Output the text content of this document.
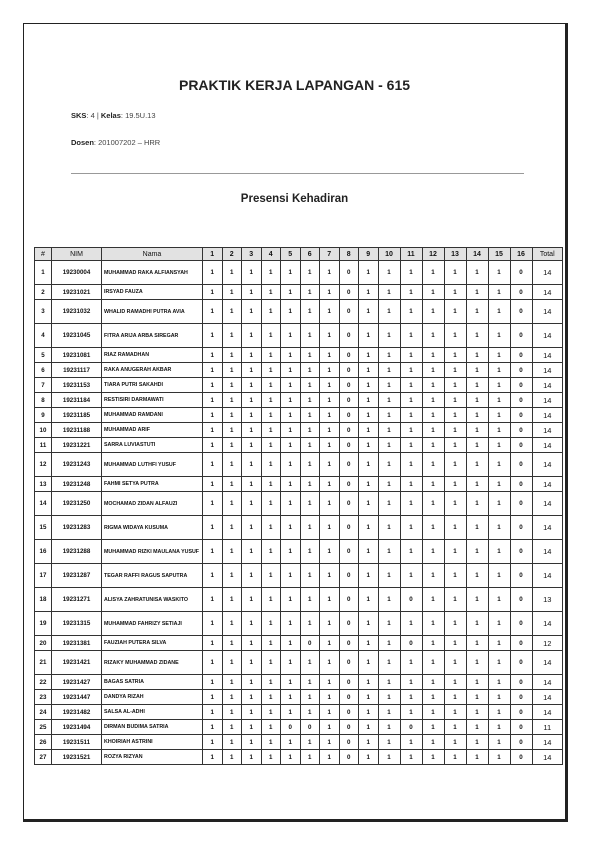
PRAKTIK KERJA LAPANGAN - 615
SKS: 4 | Kelas: 19.5U.13
Dosen: 201007202 – HRR
Presensi Kehadiran
#	NIM	Nama	1	2	3	4	5	6	7	8	9	10	11	12	13	14	15	16	Total
1	19230004	MUHAMMAD RAKA ALFIANSYAH	1	1	1	1	1	1	1	0	1	1	1	1	1	1	1	0	14
2	19231021	IRSYAD FAUZA	1	1	1	1	1	1	1	0	1	1	1	1	1	1	1	0	14
3	19231032	WHALID RAMADHI PUTRA AVIA	1	1	1	1	1	1	1	0	1	1	1	1	1	1	1	0	14
4	19231045	FITRA ARIJA ARBA SIREGAR	1	1	1	1	1	1	1	0	1	1	1	1	1	1	1	0	14
5	19231081	RIAZ RAMADHAN	1	1	1	1	1	1	1	0	1	1	1	1	1	1	1	0	14
6	19231117	RAKA ANUGERAH AKBAR	1	1	1	1	1	1	1	0	1	1	1	1	1	1	1	0	14
7	19231153	TIARA PUTRI SAKAHDI	1	1	1	1	1	1	1	0	1	1	1	1	1	1	1	0	14
8	19231184	RESTISIRI DARMAWATI	1	1	1	1	1	1	1	0	1	1	1	1	1	1	1	0	14
9	19231185	MUHAMMAD RAMDANI	1	1	1	1	1	1	1	0	1	1	1	1	1	1	1	0	14
10	19231188	MUHAMMAD ARIF	1	1	1	1	1	1	1	0	1	1	1	1	1	1	1	0	14
11	19231221	SARRA LUVIASTUTI	1	1	1	1	1	1	1	0	1	1	1	1	1	1	1	0	14
12	19231243	MUHAMMAD LUTHFI YUSUF	1	1	1	1	1	1	1	0	1	1	1	1	1	1	1	0	14
13	19231248	FAHMI SETYA PUTRA	1	1	1	1	1	1	1	0	1	1	1	1	1	1	1	0	14
14	19231250	MOCHAMAD ZIDAN ALFAUZI	1	1	1	1	1	1	1	0	1	1	1	1	1	1	1	0	14
15	19231283	RIGMA WIDAYA KUSUMA	1	1	1	1	1	1	1	0	1	1	1	1	1	1	1	0	14
16	19231288	MUHAMMAD RIZKI MAULANA YUSUF	1	1	1	1	1	1	1	0	1	1	1	1	1	1	1	0	14
17	19231287	TEGAR RAFFI RAGUS SAPUTRA	1	1	1	1	1	1	1	0	1	1	1	1	1	1	1	0	14
18	19231271	ALISYA ZAHRATUNISA WASKITO	1	1	1	1	1	1	1	0	1	1	0	1	1	1	1	0	13
19	19231315	MUHAMMAD FAHRIZY SETIAJI	1	1	1	1	1	1	1	0	1	1	1	1	1	1	1	0	14
20	19231381	FAUZIAH PUTERA SILVA	1	1	1	1	1	0	1	0	1	1	0	1	1	1	1	0	12
21	19231421	RIZAKY MUHAMMAD ZIDANE	1	1	1	1	1	1	1	0	1	1	1	1	1	1	1	0	14
22	19231427	BAGAS SATRIA	1	1	1	1	1	1	1	0	1	1	1	1	1	1	1	0	14
23	19231447	DANDYA RIZAH	1	1	1	1	1	1	1	0	1	1	1	1	1	1	1	0	14
24	19231482	SALSA AL-ADHI	1	1	1	1	1	1	1	0	1	1	1	1	1	1	1	0	14
25	19231494	DIRMAN BUDIMA SATRIA	1	1	1	1	0	0	1	0	1	1	0	1	1	1	1	0	11
26	19231511	KHOIRIAH ASTRINI	1	1	1	1	1	1	1	0	1	1	1	1	1	1	1	0	14
27	19231521	ROZYA RIZYAN	1	1	1	1	1	1	1	0	1	1	1	1	1	1	1	0	14
